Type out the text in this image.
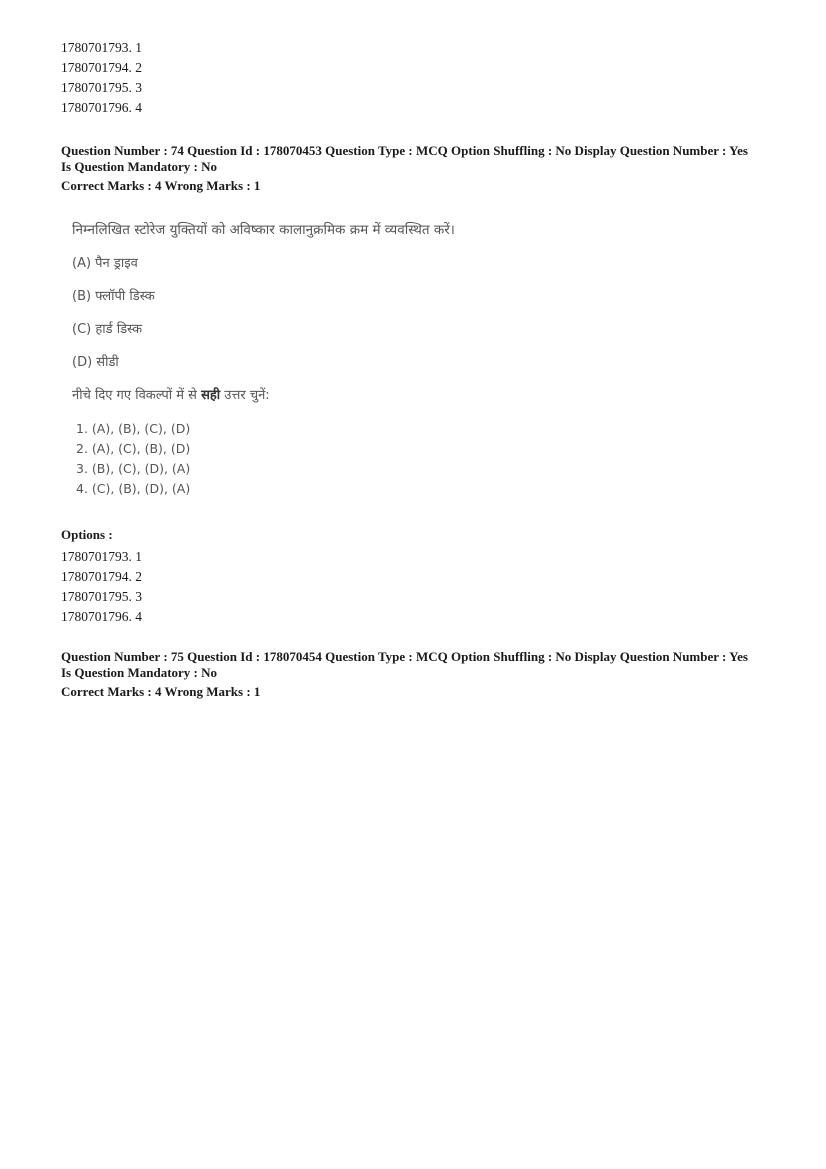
1780701793. 1
1780701794. 2
1780701795. 3
1780701796. 4
Question Number : 74 Question Id : 178070453 Question Type : MCQ Option Shuffling : No Display Question Number : Yes
Is Question Mandatory : No
Correct Marks : 4 Wrong Marks : 1
निम्नलिखित स्टोरेज युक्तियों को अविष्कार कालानुक्रमिक क्रम में व्यवस्थित करें।
(A) पैन ड्राइव
(B) फ्लॉपी डिस्क
(C) हार्ड डिस्क
(D) सीडी
नीचे दिए गए विकल्पों में से सही उत्तर चुनें:
1. (A), (B), (C), (D)
2. (A), (C), (B), (D)
3. (B), (C), (D), (A)
4. (C), (B), (D), (A)
Options :
1780701793. 1
1780701794. 2
1780701795. 3
1780701796. 4
Question Number : 75 Question Id : 178070454 Question Type : MCQ Option Shuffling : No Display Question Number : Yes
Is Question Mandatory : No
Correct Marks : 4 Wrong Marks : 1
